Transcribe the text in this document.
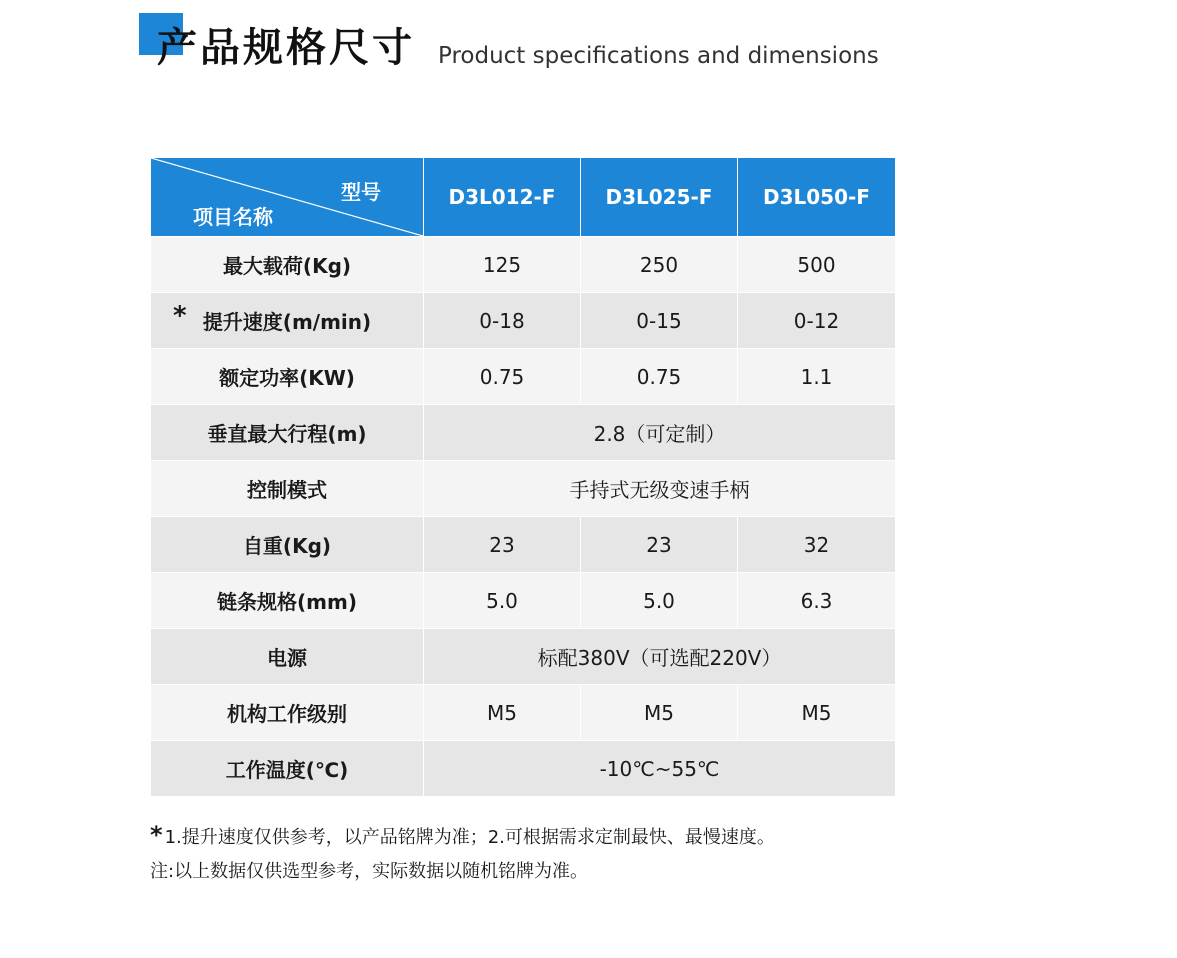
产品规格尺寸 Product specifications and dimensions
型号
项目名称	D3L012-F	D3L025-F	D3L050-F
最大载荷(Kg)	125	250	500

* 提升速度(m/min)	0-18	0-15	0-12
额定功率(KW)	0.75	0.75	1.1
垂直最大行程(m)	2.8（可定制）		
控制模式	手持式无级变速手柄		
自重(Kg)	23	23	32
链条规格(mm)	5.0	5.0	6.3
电源	标配380V（可选配220V）		
机构工作级别	M5	M5	M5
工作温度(℃)	-10℃~55℃		
* 1.提升速度仅供参考，以产品铭牌为准；2.可根据需求定制最快、最慢速度。
注:以上数据仅供选型参考，实际数据以随机铭牌为准。
